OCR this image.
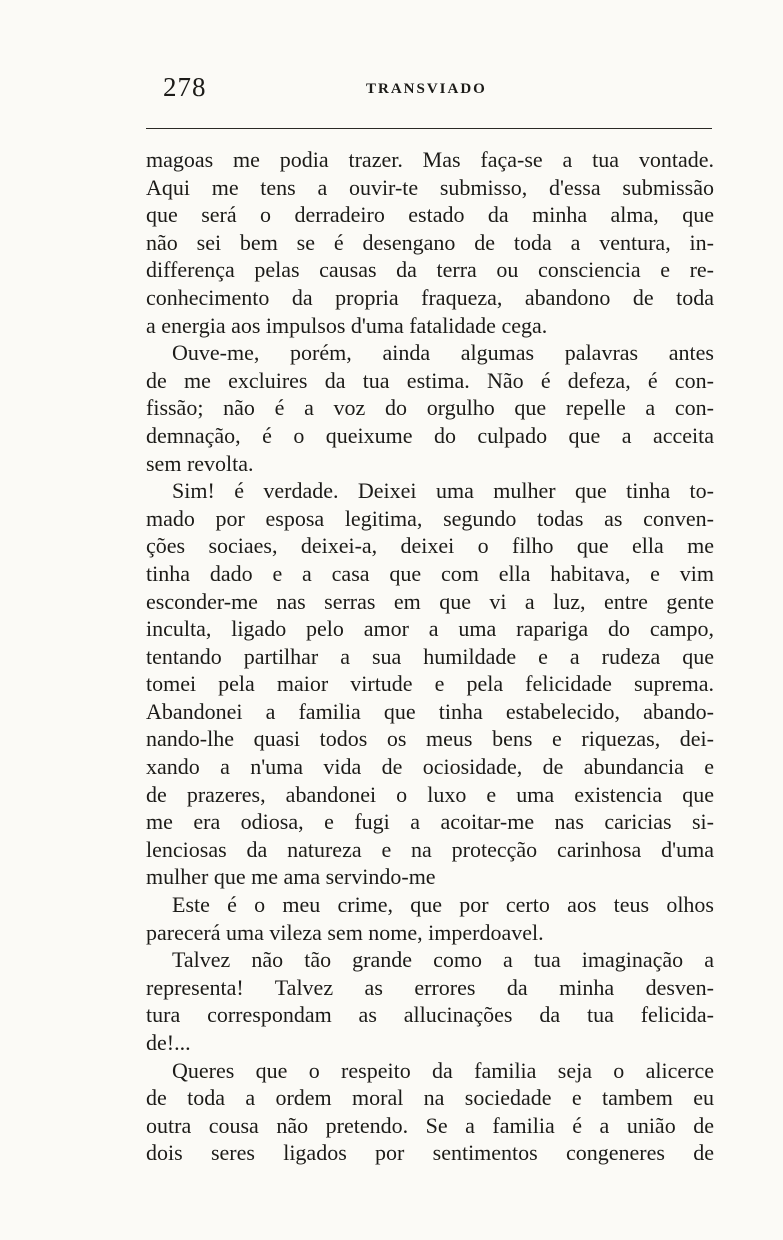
278	TRANSVIADO
magoas me podia trazer. Mas faça-se a tua vontade.
Aqui me tens a ouvir-te submisso, d'essa submissão
que será o derradeiro estado da minha alma, que
não sei bem se é desengano de toda a ventura, in-
differença pelas causas da terra ou consciencia e re-
conhecimento da propria fraqueza, abandono de toda
a energia aos impulsos d'uma fatalidade cega.
Ouve-me, porém, ainda algumas palavras antes
de me excluires da tua estima. Não é defeza, é con-
fissão; não é a voz do orgulho que repelle a con-
demnação, é o queixume do culpado que a acceita
sem revolta.
Sim! é verdade. Deixei uma mulher que tinha to-
mado por esposa legitima, segundo todas as conven-
ções sociaes, deixei-a, deixei o filho que ella me
tinha dado e a casa que com ella habitava, e vim
esconder-me nas serras em que vi a luz, entre gente
inculta, ligado pelo amor a uma rapariga do campo,
tentando partilhar a sua humildade e a rudeza que
tomei pela maior virtude e pela felicidade suprema.
Abandonei a familia que tinha estabelecido, abando-
nando-lhe quasi todos os meus bens e riquezas, dei-
xando a n'uma vida de ociosidade, de abundancia e
de prazeres, abandonei o luxo e uma existencia que
me era odiosa, e fugi a acoitar-me nas caricias si-
lenciosas da natureza e na protecção carinhosa d'uma
mulher que me ama servindo-me
Este é o meu crime, que por certo aos teus olhos
parecerá uma vileza sem nome, imperdoavel.
Talvez não tão grande como a tua imaginação a
representa! Talvez as errores da minha desven-
tura correspondam as allucinações da tua felicida-
de!...
Queres que o respeito da familia seja o alicerce
de toda a ordem moral na sociedade e tambem eu
outra cousa não pretendo. Se a familia é a união de
dois seres ligados por sentimentos congeneres de
